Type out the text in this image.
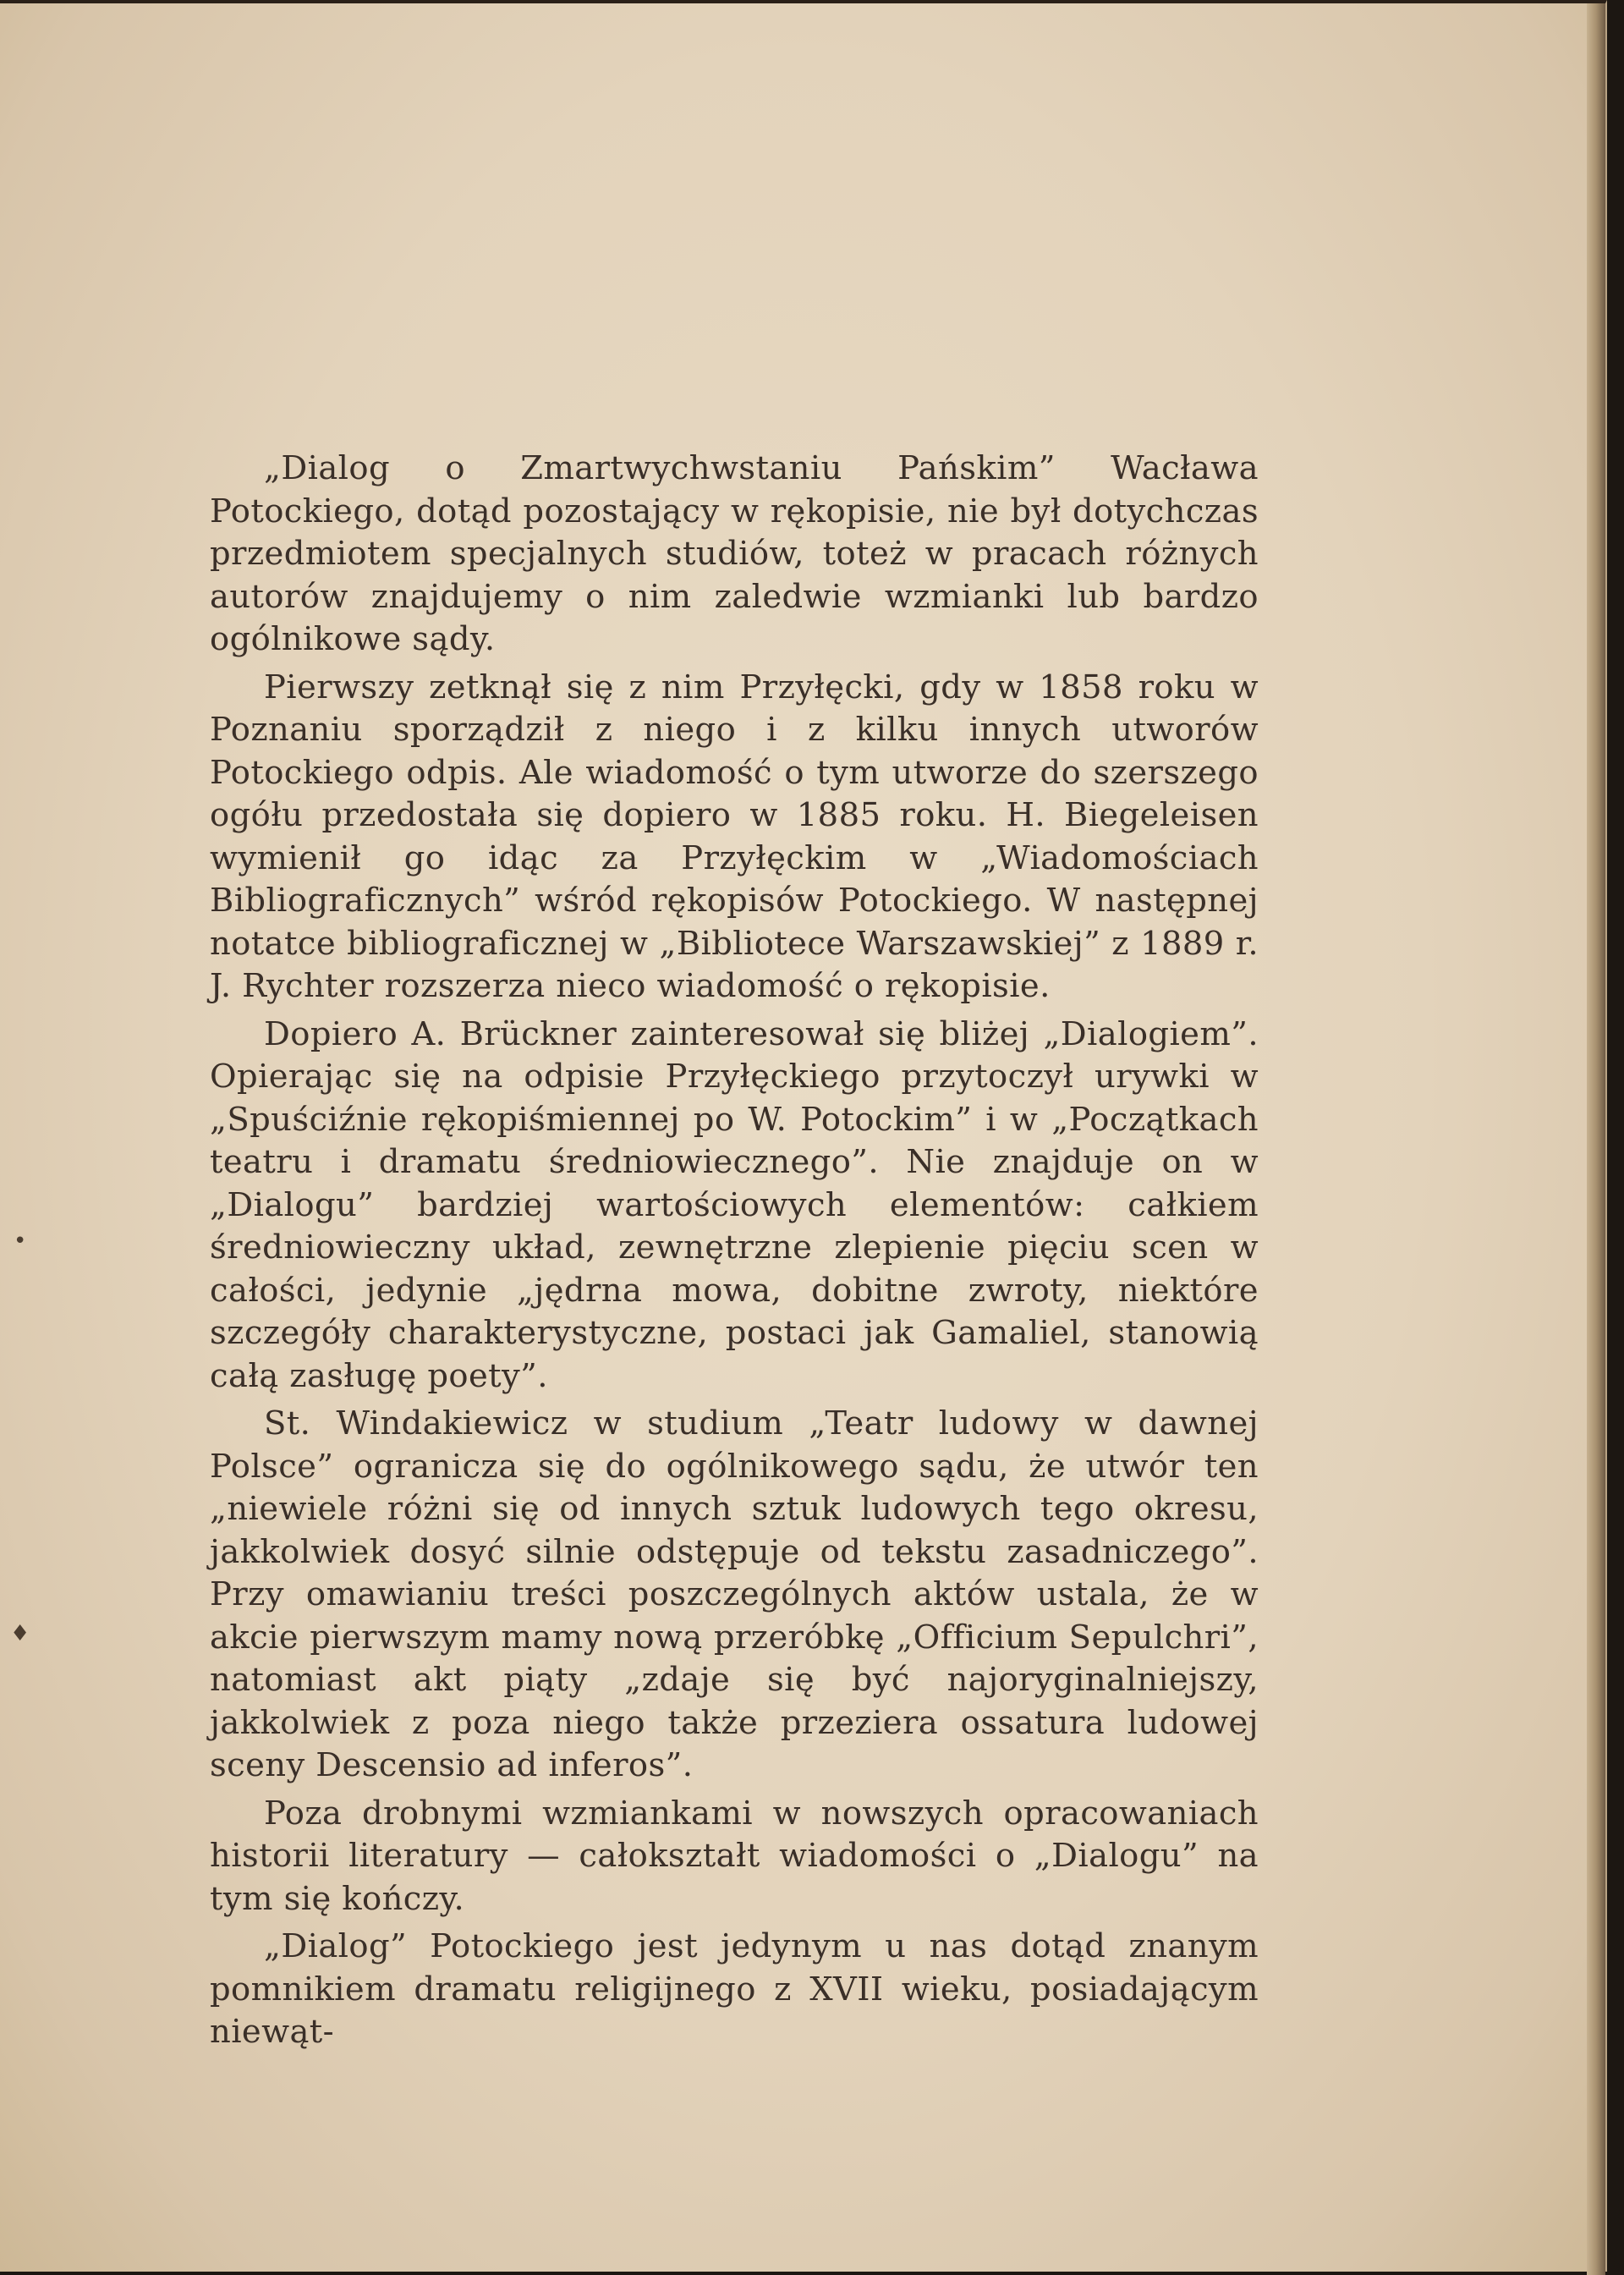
•
♦

„Dialog o Zmartwychwstaniu Pańskim” Wacława Potockiego, dotąd pozostający w rękopisie, nie był dotychczas przedmiotem specjalnych studiów, toteż w pracach różnych autorów znajdujemy o nim zaledwie wzmianki lub bardzo ogólnikowe sądy.

Pierwszy zetknął się z nim Przyłęcki, gdy w 1858 roku w Poznaniu sporządził z niego i z kilku innych utworów Potockiego odpis. Ale wiadomość o tym utworze do szerszego ogółu przedostała się dopiero w 1885 roku. H. Biegeleisen wymienił go idąc za Przyłęckim w „Wiadomościach Bibliograficznych” wśród rękopisów Potockiego. W następnej notatce bibliograficznej w „Bibliotece Warszawskiej” z 1889 r. J. Rychter rozszerza nieco wiadomość o rękopisie.

Dopiero A. Brückner zainteresował się bliżej „Dialogiem”. Opierając się na odpisie Przyłęckiego przytoczył urywki w „Spuściźnie rękopiśmiennej po W. Potockim” i w „Początkach teatru i dramatu średniowiecznego”. Nie znajduje on w „Dialogu” bardziej wartościowych elementów: całkiem średniowieczny układ, zewnętrzne zlepienie pięciu scen w całości, jedynie „jędrna mowa, dobitne zwroty, niektóre szczegóły charakterystyczne, postaci jak Gamaliel, stanowią całą zasługę poety”.

St. Windakiewicz w studium „Teatr ludowy w dawnej Polsce” ogranicza się do ogólnikowego sądu, że utwór ten „niewiele różni się od innych sztuk ludowych tego okresu, jakkolwiek dosyć silnie odstępuje od tekstu zasadniczego”. Przy omawianiu treści poszczególnych aktów ustala, że w akcie pierwszym mamy nową przeróbkę „Officium Sepulchri”, natomiast akt piąty „zdaje się być najoryginalniejszy, jakkolwiek z poza niego także przeziera ossatura ludowej sceny Descensio ad inferos”.

Poza drobnymi wzmiankami w nowszych opracowaniach historii literatury — całokształt wiadomości o „Dialogu” na tym się kończy.

„Dialog” Potockiego jest jedynym u nas dotąd znanym pomnikiem dramatu religijnego z XVII wieku, posiadającym niewąt-
